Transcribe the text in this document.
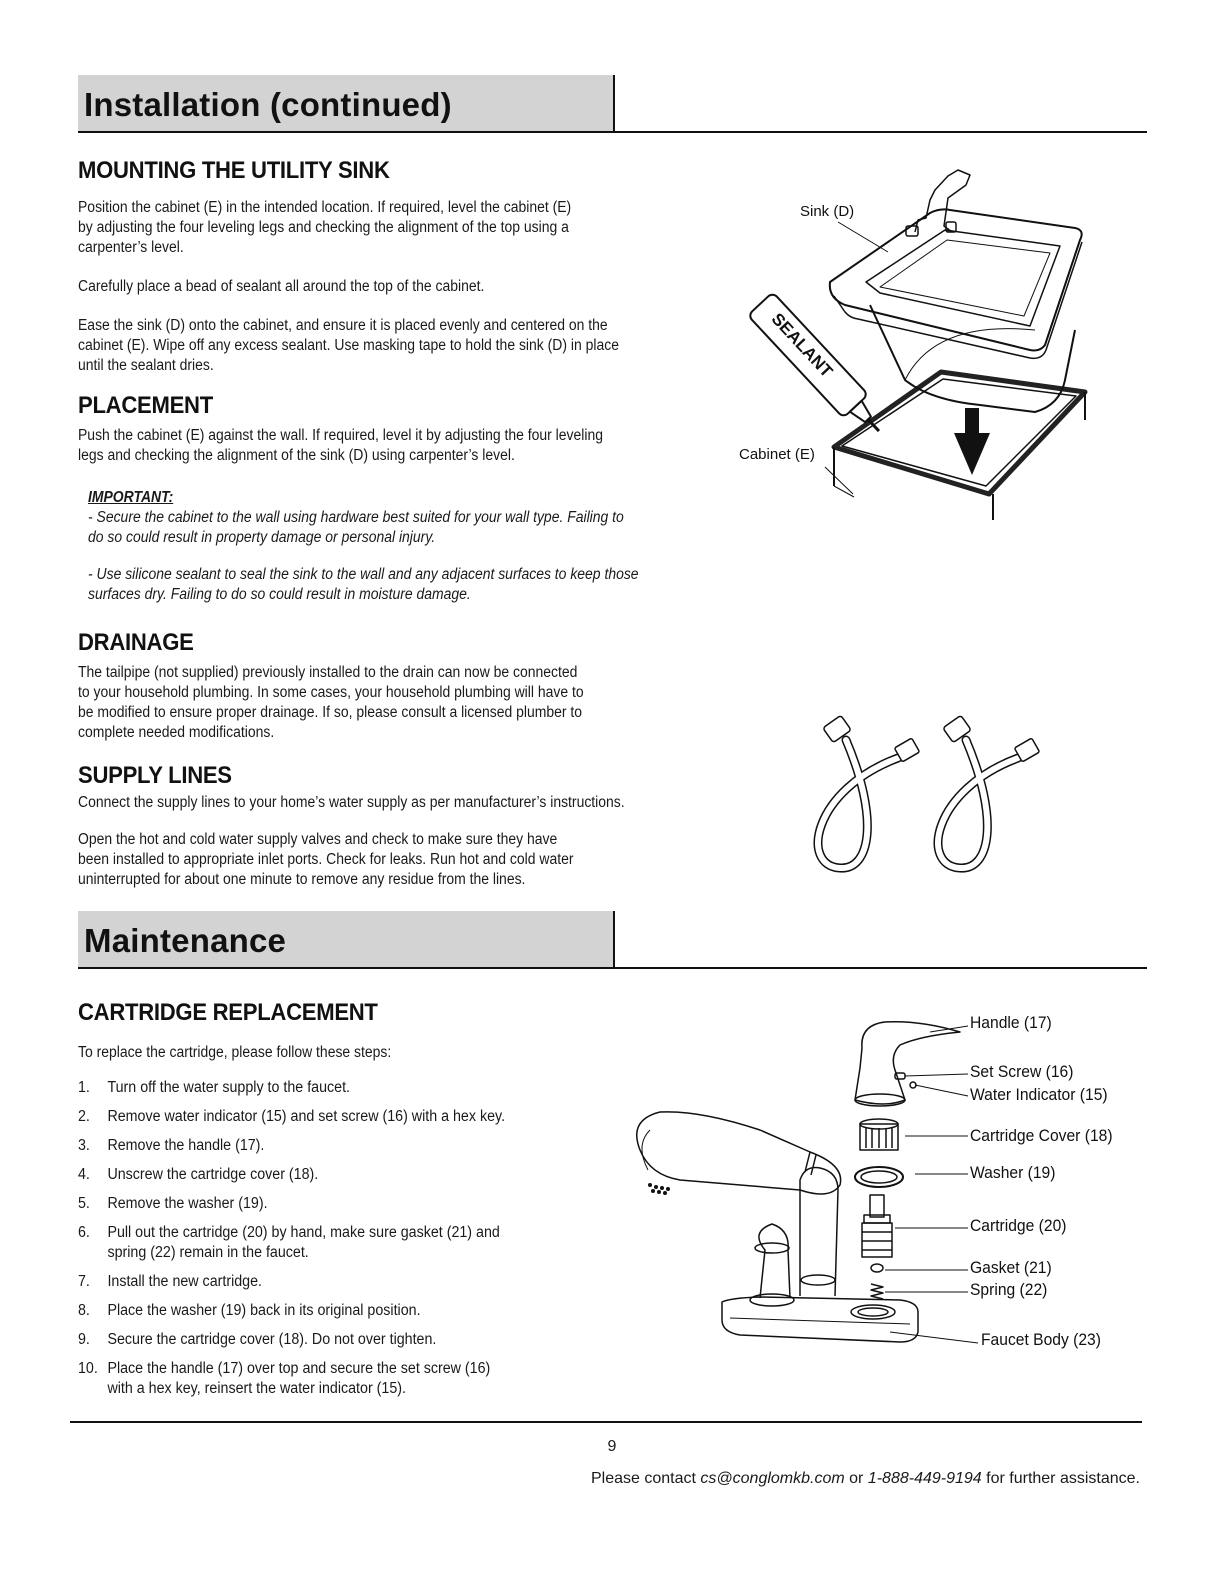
Installation (continued)
MOUNTING THE UTILITY SINK

Position the cabinet (E) in the intended location. If required, level the cabinet (E)
by adjusting the four leveling legs and checking the alignment of the top using a
carpenter’s level.

Carefully place a bead of sealant all around the top of the cabinet.

Ease the sink (D) onto the cabinet, and ensure it is placed evenly and centered on the
cabinet (E). Wipe off any excess sealant. Use masking tape to hold the sink (D) in place
until the sealant dries.

PLACEMENT

Push the cabinet (E) against the wall. If required, level it by adjusting the four leveling
legs and checking the alignment of the sink (D) using carpenter’s level.

IMPORTANT:
- Secure the cabinet to the wall using hardware best suited for your wall type. Failing to
do so could result in property damage or personal injury.

- Use silicone sealant to seal the sink to the wall and any adjacent surfaces to keep those
surfaces dry. Failing to do so could result in moisture damage.

DRAINAGE

The tailpipe (not supplied) previously installed to the drain can now be connected
to your household plumbing. In some cases, your household plumbing will have to
be modified to ensure proper drainage. If so, please consult a licensed plumber to
complete needed modifications.

SUPPLY LINES

Connect the supply lines to your home’s water supply as per manufacturer’s instructions.

Open the hot and cold water supply valves and check to make sure they have
been installed to appropriate inlet ports. Check for leaks. Run hot and cold water
uninterrupted for about one minute to remove any residue from the lines.

Sink (D)
Cabinet (E)
SEALANT
Maintenance
CARTRIDGE REPLACEMENT

To replace the cartridge, please follow these steps:

1. Turn off the water supply to the faucet.
2. Remove water indicator (15) and set screw (16) with a hex key.
3. Remove the handle (17).
4. Unscrew the cartridge cover (18).
5. Remove the washer (19).
6. Pull out the cartridge (20) by hand, make sure gasket (21) and
spring (22) remain in the faucet.
7. Install the new cartridge.
8. Place the washer (19) back in its original position.
9. Secure the cartridge cover (18). Do not over tighten.
10. Place the handle (17) over top and secure the set screw (16)
with a hex key, reinsert the water indicator (15).
Handle (17)
Set Screw (16)
Water Indicator (15)
Cartridge Cover (18)
Washer (19)
Cartridge (20)
Gasket (21)
Spring (22)
Faucet Body (23)
9
Please contact cs@conglomkb.com or 1-888-449-9194 for further assistance.
